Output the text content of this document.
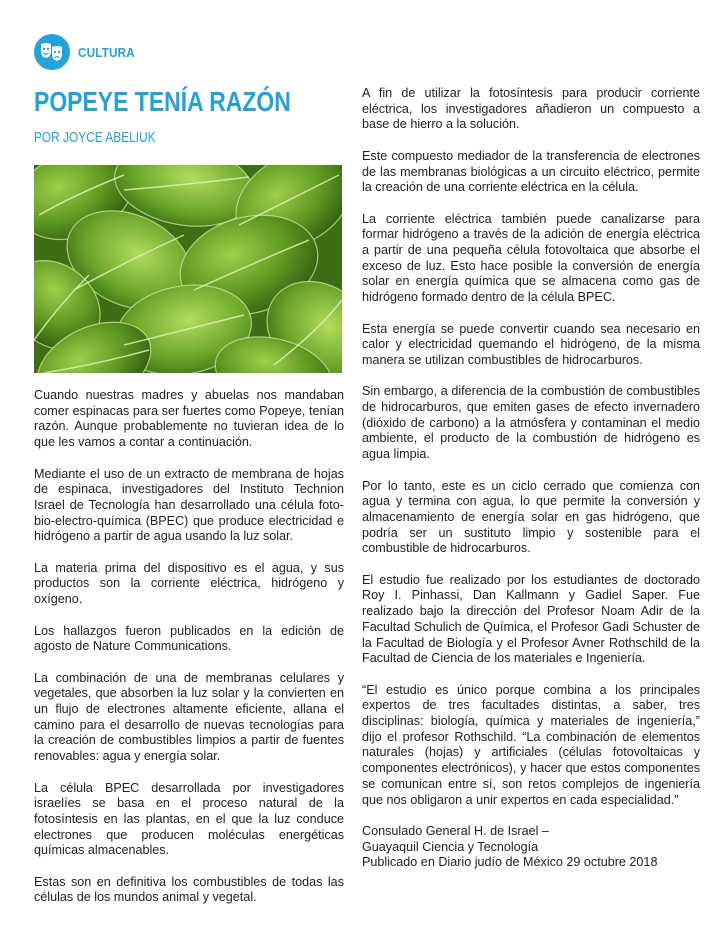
CULTURA
POPEYE TENÍA RAZÓN
POR JOYCE ABELIUK

Cuando nuestras madres y abuelas nos mandaban comer espinacas para ser fuertes como Popeye, tenían razón. Aunque probablemente no tuvieran idea de lo que les vamos a contar a continuación.

Mediante el uso de un extracto de membrana de hojas de espinaca, investigadores del Instituto Technion Israel de Tecnología han desarrollado una célula foto-bio-electro-química (BPEC) que produce electricidad e hidrógeno a partir de agua usando la luz solar.

La materia prima del dispositivo es el agua, y sus productos son la corriente eléctrica, hidrógeno y oxígeno.

Los hallazgos fueron publicados en la edición de agosto de Nature Communications.

La combinación de una de membranas celulares y vegetales, que absorben la luz solar y la convierten en un flujo de electrones altamente eficiente, allana el camino para el desarrollo de nuevas tecnologías para la creación de combustibles limpios a partir de fuentes renovables: agua y energía solar.

La célula BPEC desarrollada por investigadores israelíes se basa en el proceso natural de la fotosíntesis en las plantas, en el que la luz conduce electrones que producen moléculas energéticas químicas almacenables.

Estas son en definitiva los combustibles de todas las células de los mundos animal y vegetal.

A fin de utilizar la fotosíntesis para producir corriente eléctrica, los investigadores añadieron un compuesto a base de hierro a la solución.

Este compuesto mediador de la transferencia de electrones de las membranas biológicas a un circuito eléctrico, permite la creación de una corriente eléctrica en la célula.

La corriente eléctrica también puede canalizarse para formar hidrógeno a través de la adición de energía eléctrica a partir de una pequeña célula fotovoltaica que absorbe el exceso de luz. Esto hace posible la conversión de energía solar en energía química que se almacena como gas de hidrógeno formado dentro de la célula BPEC.

Esta energía se puede convertir cuando sea necesario en calor y electricidad quemando el hidrógeno, de la misma manera se utilizan combustibles de hidrocarburos.

Sin embargo, a diferencia de la combustión de combustibles de hidrocarburos, que emiten gases de efecto invernadero (dióxido de carbono) a la atmósfera y contaminan el medio ambiente, el producto de la combustión de hidrógeno es agua limpia.

Por lo tanto, este es un ciclo cerrado que comienza con agua y termina con agua, lo que permite la conversión y almacenamiento de energía solar en gas hidrógeno, que podría ser un sustituto limpio y sostenible para el combustible de hidrocarburos.

El estudio fue realizado por los estudiantes de doctorado Roy I. Pinhassi, Dan Kallmann y Gadiel Saper. Fue realizado bajo la dirección del Profesor Noam Adir de la Facultad Schulich de Química, el Profesor Gadi Schuster de la Facultad de Biología y el Profesor Avner Rothschild de la Facultad de Ciencia de los materiales e Ingeniería.

“El estudio es único porque combina a los principales expertos de tres facultades distintas, a saber, tres disciplinas: biología, química y materiales de ingeniería,” dijo el profesor Rothschild. “La combinación de elementos naturales (hojas) y artificiales (células fotovoltaicas y componentes electrónicos), y hacer que estos componentes se comunican entre sí, son retos complejos de ingeniería que nos obligaron a unir expertos en cada especialidad."

Consulado General H. de Israel –
Guayaquil Ciencia y Tecnología
Publicado en Diario judío de México 29 octubre 2018
